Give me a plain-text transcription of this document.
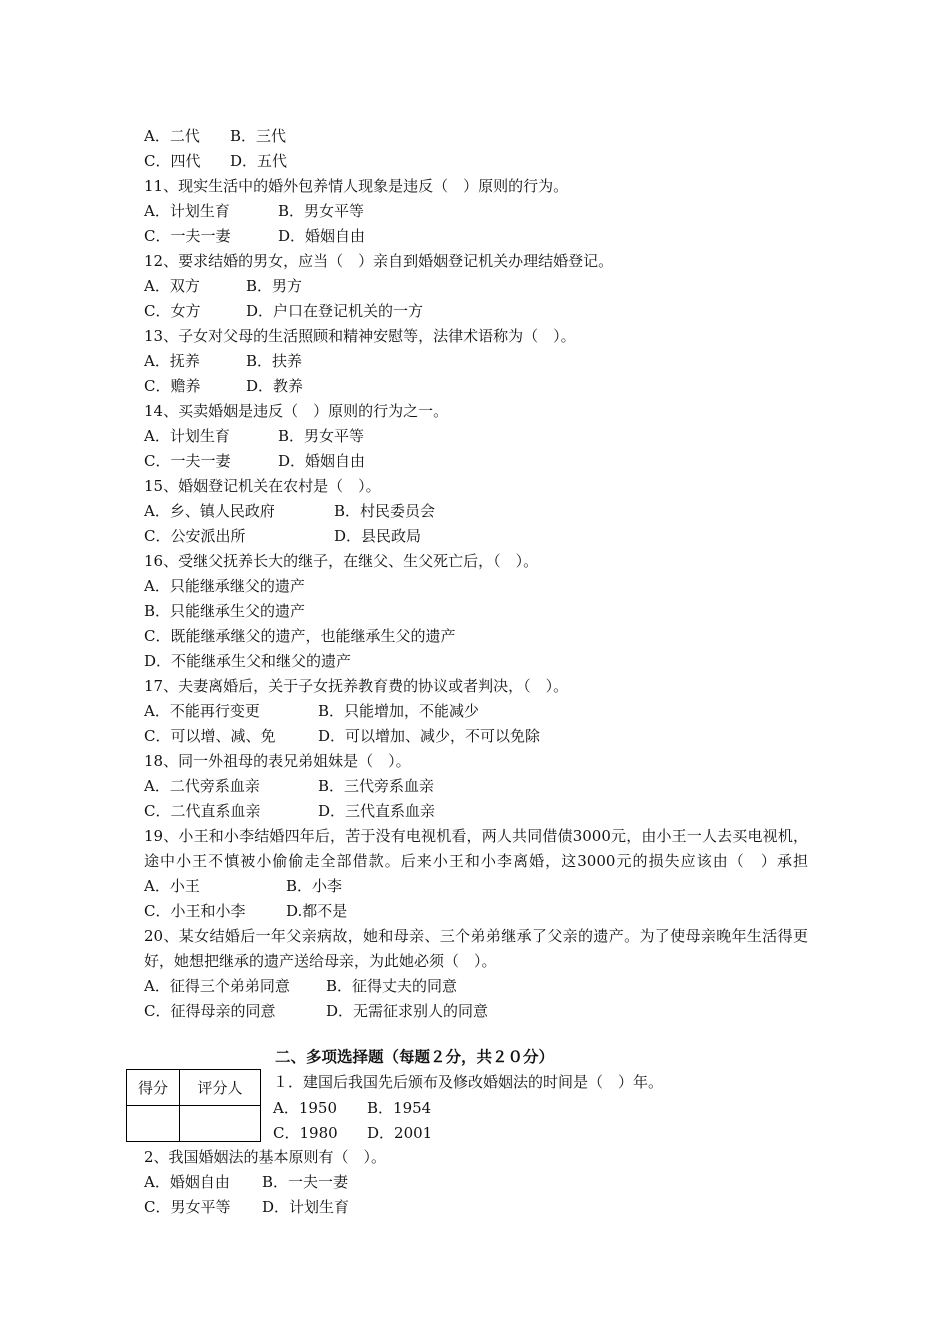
A．二代 B．三代
C．四代 D．五代
11、现实生活中的婚外包养情人现象是违反（　）原则的行为。
A．计划生育	B．男女平等
C．一夫一妻	D．婚姻自由
12、要求结婚的男女，应当（　）亲自到婚姻登记机关办理结婚登记。
A．双方	B．男方
C．女方	D．户口在登记机关的一方
13、子女对父母的生活照顾和精神安慰等，法律术语称为（　）。
A．抚养	B．扶养
C．赡养	D．教养
14、买卖婚姻是违反（　）原则的行为之一。
A．计划生育	B．男女平等
C．一夫一妻	D．婚姻自由
15、婚姻登记机关在农村是（　）。
A．乡、镇人民政府	B．村民委员会
C．公安派出所	D．县民政局
16、受继父抚养长大的继子，在继父、生父死亡后，（　）。
A．只能继承继父的遗产
B．只能继承生父的遗产
C．既能继承继父的遗产，也能继承生父的遗产
D．不能继承生父和继父的遗产
17、夫妻离婚后，关于子女抚养教育费的协议或者判决，（　）。
A．不能再行变更	B．只能增加，不能减少
C．可以增、减、免	D．可以增加、减少，不可以免除
18、同一外祖母的表兄弟姐妹是（　）。
A．二代旁系血亲	B．三代旁系血亲
C．二代直系血亲	D．三代直系血亲
19、小王和小李结婚四年后，苦于没有电视机看，两人共同借债3000元，由小王一人去买电视机，
途中小王不慎被小偷偷走全部借款。后来小王和小李离婚，这3000元的损失应该由（　）承担
A．小王	B．小李
C．小王和小李	D.都不是
20、某女结婚后一年父亲病故，她和母亲、三个弟弟继承了父亲的遗产。为了使母亲晚年生活得更
好，她想把继承的遗产送给母亲，为此她必须（　）。
A．征得三个弟弟同意 B．征得丈夫的同意
C．征得母亲的同意	D．无需征求别人的同意
二、多项选择题（每题２分，共２０分）
得分	评分人
	１．建国后我国先后颁布及修改婚姻法的时间是（　）年。
A．1950 B．1954
C．1980 D．2001
2、我国婚姻法的基本原则有（　）。
A．婚姻自由 B．一夫一妻
C．男女平等 D．计划生育
